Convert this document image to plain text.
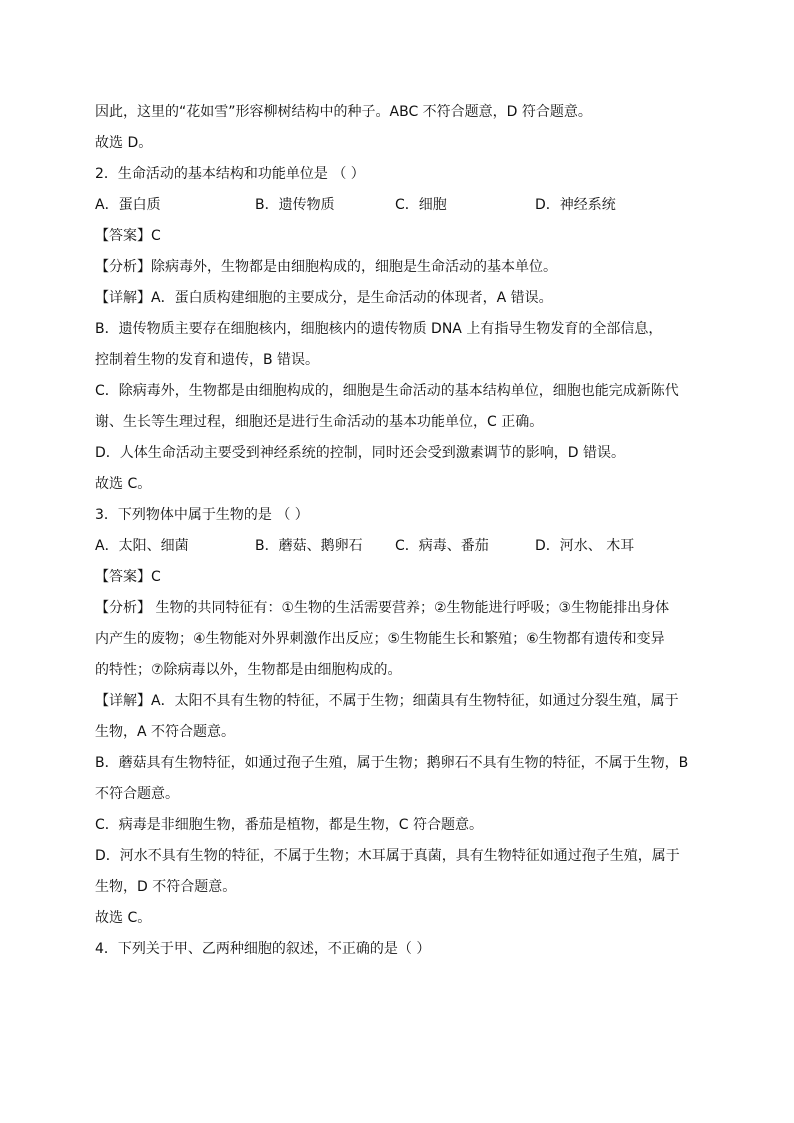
因此，这里的“花如雪”形容柳树结构中的种子。ABC 不符合题意，D 符合题意。
故选 D。
2．生命活动的基本结构和功能单位是 （ ）
A．蛋白质	B．遗传物质	C．细胞	D．神经系统
【答案】C
【分析】除病毒外，生物都是由细胞构成的，细胞是生命活动的基本单位。
【详解】A．蛋白质构建细胞的主要成分，是生命活动的体现者，A 错误。
B．遗传物质主要存在细胞核内，细胞核内的遗传物质 DNA 上有指导生物发育的全部信息，
控制着生物的发育和遗传，B 错误。
C．除病毒外，生物都是由细胞构成的，细胞是生命活动的基本结构单位，细胞也能完成新陈代
谢、生长等生理过程，细胞还是进行生命活动的基本功能单位，C 正确。
D．人体生命活动主要受到神经系统的控制，同时还会受到激素调节的影响，D 错误。
故选 C。
3．下列物体中属于生物的是 （ ）
A．太阳、细菌	B．蘑菇、鹅卵石	C．病毒、番茄	D．河水、 木耳
【答案】C
【分析】 生物的共同特征有：①生物的生活需要营养；②生物能进行呼吸；③生物能排出身体
内产生的废物；④生物能对外界刺激作出反应；⑤生物能生长和繁殖；⑥生物都有遗传和变异
的特性；⑦除病毒以外，生物都是由细胞构成的。
【详解】A．太阳不具有生物的特征，不属于生物；细菌具有生物特征，如通过分裂生殖，属于
生物，A 不符合题意。
B．蘑菇具有生物特征，如通过孢子生殖，属于生物；鹅卵石不具有生物的特征，不属于生物，B
不符合题意。
C．病毒是非细胞生物，番茄是植物，都是生物，C 符合题意。
D．河水不具有生物的特征，不属于生物；木耳属于真菌，具有生物特征如通过孢子生殖，属于
生物，D 不符合题意。
故选 C。
4．下列关于甲、乙两种细胞的叙述，不正确的是（ ）
